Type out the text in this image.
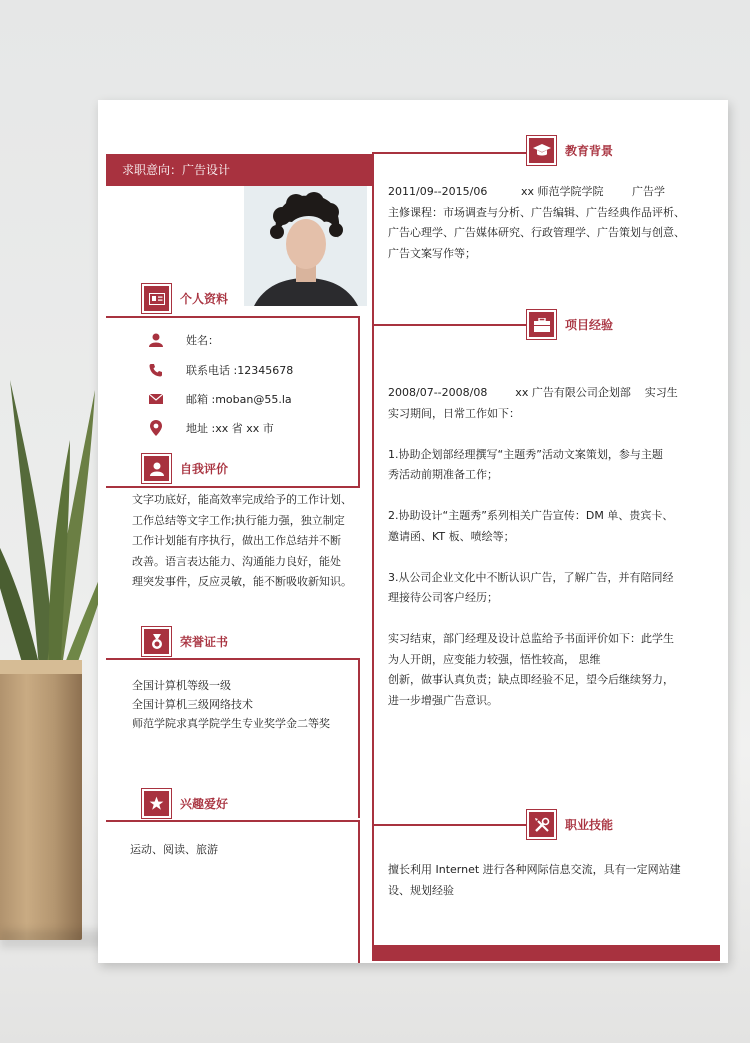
求职意向：广告设计
个人资料
姓名：
联系电话 :12345678
邮箱 :moban@55.la
地址 :xx 省 xx 市
自我评价
文字功底好，能高效率完成给予的工作计划、
工作总结等文字工作;执行能力强，独立制定
工作计划能有序执行，做出工作总结并不断
改善。语言表达能力、沟通能力良好，能处
理突发事件，反应灵敏，能不断吸收新知识。
荣誉证书
全国计算机等级一级
全国计算机三级网络技术
师范学院求真学院学生专业奖学金二等奖
兴趣爱好
运动、阅读、旅游
教育背景
2011/09--2015/06	xx 师范学院学院	广告学
主修课程：市场调查与分析、广告编辑、广告经典作品评析、
广告心理学、广告媒体研究、行政管理学、广告策划与创意、
广告文案写作等；
项目经验
2008/07--2008/08        xx 广告有限公司企划部    实习生
实习期间，日常工作如下：
1.协助企划部经理撰写“主题秀”活动文案策划，参与主题
秀活动前期准备工作；
2.协助设计“主题秀”系列相关广告宣传：DM 单、贵宾卡、
邀请函、KT 板、喷绘等；
3.从公司企业文化中不断认识广告，了解广告，并有陪同经
理接待公司客户经历；
实习结束，部门经理及设计总监给予书面评价如下：此学生
为人开朗，应变能力较强，悟性较高， 思维
创新，做事认真负责；缺点即经验不足，望今后继续努力，
进一步增强广告意识。
职业技能
擅长利用 Internet 进行各种网际信息交流，具有一定网站建
设、规划经验
